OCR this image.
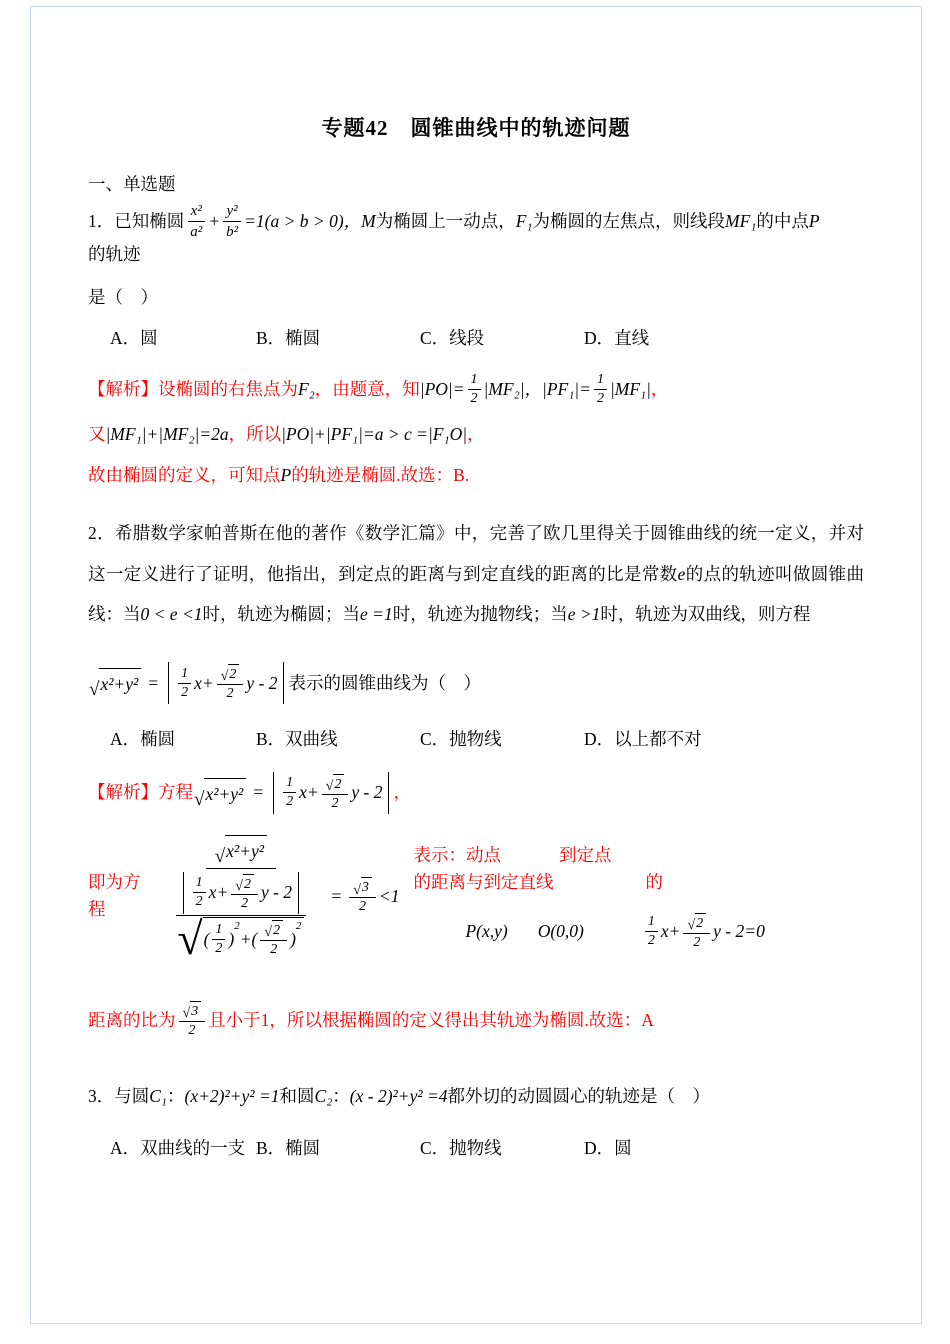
专题42　圆锥曲线中的轨迹问题
一、单选题
1．已知椭圆 $\frac{\text{x²}}{\text{a²}} + \frac{\text{y²}}{\text{b²}} =1(a > b > 0)$， M 为椭圆上一动点， F₁ 为椭圆的左焦点，则线段 MF₁ 的中点 P
的轨迹
是（　）
A．圆	B．椭圆	C．线段	D．直线
【解析】设椭圆的右焦点为 F₂ ，由题意，知 $|PO|= \frac{1}{2} |MF_2|$， $|PF_1|= \frac{1}{2} |MF_1|$ ，
又 |MF₁|+|MF₂|=2a ，所以 |PO|+|PF₁|=a > c =|F₁O| ，
故由椭圆的定义，可知点 P 的轨迹是椭圆.故选：B.

2．希腊数学家帕普斯在他的著作《数学汇篇》中，完善了欧几里得关于圆锥曲线的统一定义，并对这一定义进行了证明，他指出，到定点的距离与到定直线的距离的比是常数e的点的轨迹叫做圆锥曲线：当0 < e <1时，轨迹为椭圆；当e =1时，轨迹为抛物线；当e >1时，轨迹为双曲线，则方程

√ $x^2+y^2 = \frac{1}{2} x+ \frac{√ 2}{2}$ y - 2 表示的圆锥曲线为（　）
A．椭圆	B．双曲线	C．抛物线	D．以上都不对
【解析】方程 √ $x^2+y^2 = \frac{1}{2} x+ \frac{√ 2}{2}$ y - 2 ，
即为方程
√ x²+y²
$\frac{1}{2} x+ \frac{√ 2}{2}$ y - 2
√ ( $\frac{1}{2}$ )
$^2$
+ ( $\frac{√ 2}{2}$ )
$^2$
= $\frac{√ 3}{2} <1$
表示：动点	到定点
的距离与到定直线	的
P(x,y) O(0,0)	$\frac{1}{2} x+ \frac{√ 2}{2}$ y - 2 =0
距离的比为 $\frac{√ 3}{2}$ 且小于1，所以根据椭圆的定义得出其轨迹为椭圆.故选：A
3．与圆 C₁ ： (x+2)²+y² =1 和圆 C₂ ： (x - 2)²+y² =4 都外切的动圆圆心的轨迹是（　）
A．双曲线的一支 B．椭圆	C．抛物线	D．圆
